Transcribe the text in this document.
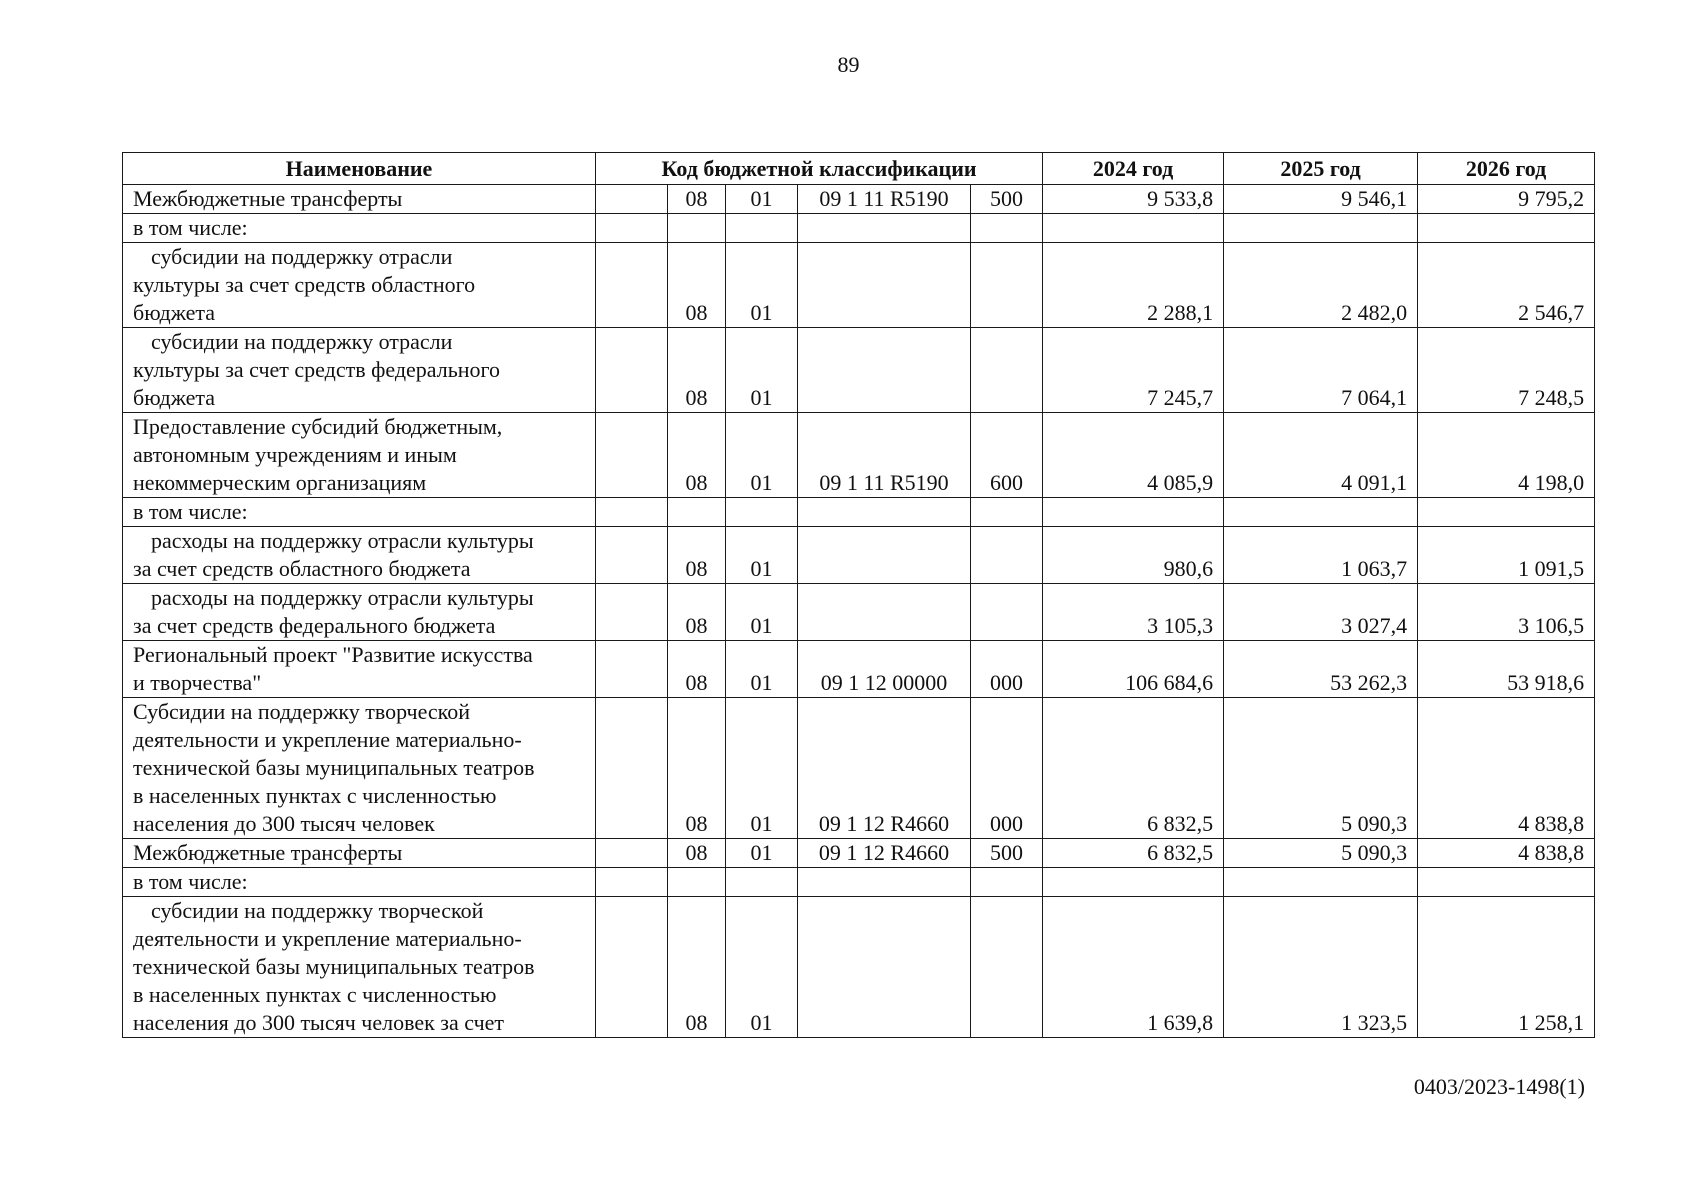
89
Наименование	Код бюджетной классификации					2024 год	2025 год	2026 год
Межбюджетные трансферты		08	01	09 1 11 R5190	500	9 533,8	9 546,1	9 795,2
в том числе:								
субсидии на поддержку отрасли
культуры за счет средств областного
бюджета		08	01			2 288,1	2 482,0	2 546,7
субсидии на поддержку отрасли
культуры за счет средств федерального
бюджета		08	01			7 245,7	7 064,1	7 248,5
Предоставление субсидий бюджетным,
автономным учреждениям и иным
некоммерческим организациям		08	01	09 1 11 R5190	600	4 085,9	4 091,1	4 198,0
в том числе:								
расходы на поддержку отрасли культуры
за счет средств областного бюджета		08	01			980,6	1 063,7	1 091,5
расходы на поддержку отрасли культуры
за счет средств федерального бюджета		08	01			3 105,3	3 027,4	3 106,5
Региональный проект "Развитие искусства
и творчества"		08	01	09 1 12 00000	000	106 684,6	53 262,3	53 918,6
Субсидии на поддержку творческой
деятельности и укрепление материально-
технической базы муниципальных театров
в населенных пунктах с численностью
населения до 300 тысяч человек		08	01	09 1 12 R4660	000	6 832,5	5 090,3	4 838,8
Межбюджетные трансферты		08	01	09 1 12 R4660	500	6 832,5	5 090,3	4 838,8
в том числе:								
субсидии на поддержку творческой
деятельности и укрепление материально-
технической базы муниципальных театров
в населенных пунктах с численностью
населения до 300 тысяч человек за счет		08	01			1 639,8	1 323,5	1 258,1
0403/2023-1498(1)
